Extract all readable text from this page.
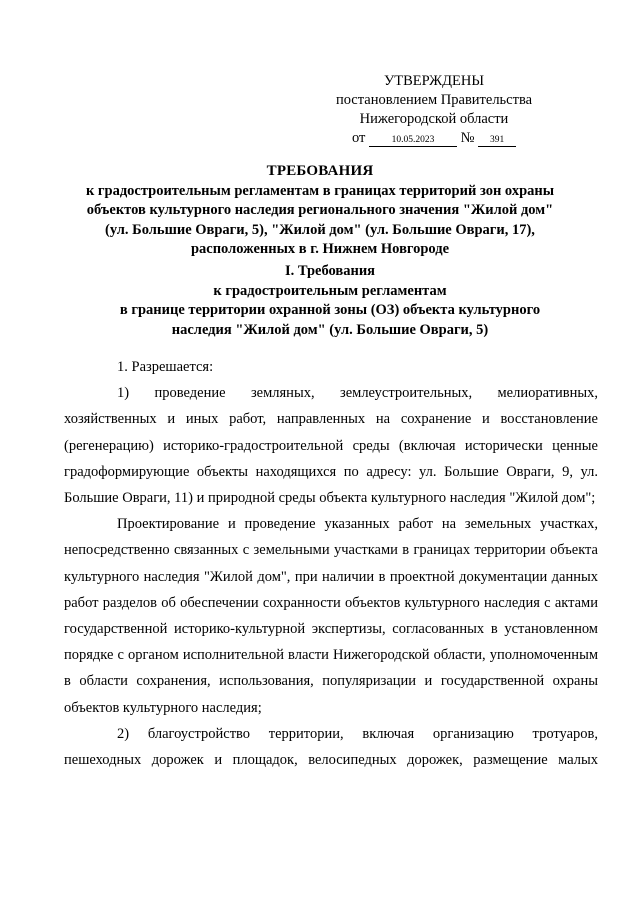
УТВЕРЖДЕНЫ
постановлением Правительства
Нижегородской области
от	10.05.2023 № 391
ТРЕБОВАНИЯ
к градостроительным регламентам в границах территорий зон охраны
объектов культурного наследия регионального значения "Жилой дом"
(ул. Большие Овраги, 5), "Жилой дом" (ул. Большие Овраги, 17),
расположенных в г. Нижнем Новгороде
I. Требования
к градостроительным регламентам
в границе территории охранной зоны (ОЗ) объекта культурного
наследия "Жилой дом" (ул. Большие Овраги, 5)

1. Разрешается:

1) проведение земляных, землеустроительных, мелиоративных, хозяйственных и иных работ, направленных на сохранение и восстановление (регенерацию) историко-градостроительной среды (включая исторически ценные градоформирующие объекты находящихся по адресу: ул. Большие Овраги, 9, ул. Большие Овраги, 11) и природной среды объекта культурного наследия "Жилой дом";

Проектирование и проведение указанных работ на земельных участках, непосредственно связанных с земельными участками в границах территории объекта культурного наследия "Жилой дом", при наличии в проектной документации данных работ разделов об обеспечении сохранности объектов культурного наследия с актами государственной историко-культурной экспертизы, согласованных в установленном порядке с органом исполнительной власти Нижегородской области, уполномоченным в области сохранения, использования, популяризации и государственной охраны объектов культурного наследия;

2) благоустройство территории, включая организацию тротуаров, пешеходных дорожек и площадок, велосипедных дорожек, размещение малых
